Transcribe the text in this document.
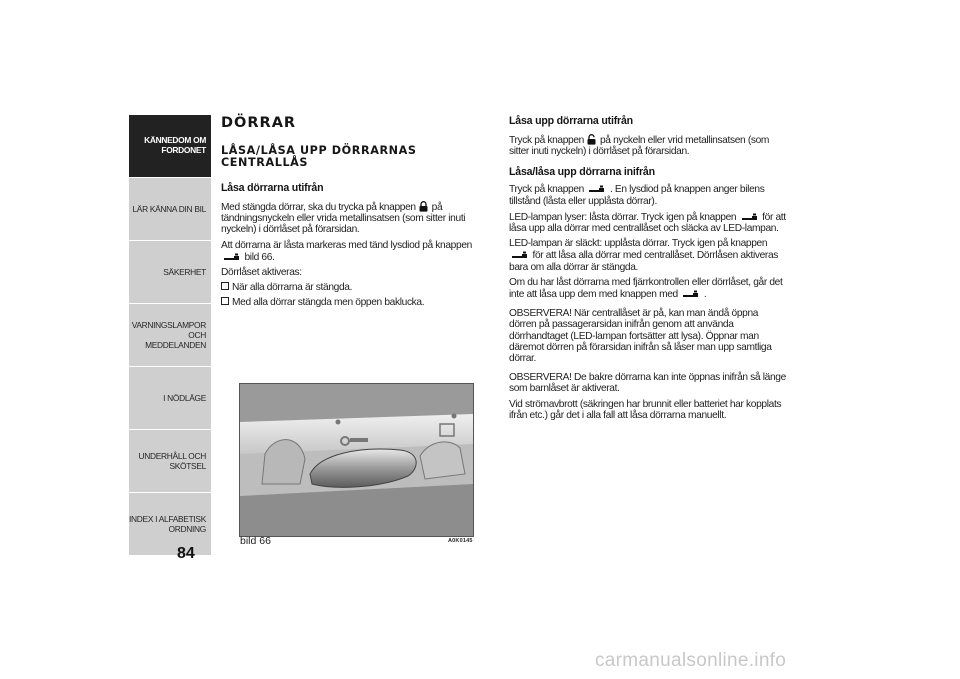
KÄNNEDOM OM
FORDONET
LÄR KÄNNA DIN BIL
SÄKERHET
VARNINGSLAMPOR
OCH MEDDELANDEN
I NÖDLÄGE
UNDERHÅLL OCH
SKÖTSEL
INDEX I ALFABETISK
ORDNING
84
DÖRRAR
LÅSA/LÅSA UPP DÖRRARNAS
CENTRALLÅS
Låsa dörrarna utifrån

Med stängda dörrar, ska du trycka på knappen på tändningsnyckeln eller vrida metallinsatsen (som sitter inuti nyckeln) i dörrlåset på förarsidan.

Att dörrarna är låsta markeras med tänd lysdiod på knappen  bild 66.

Dörrlåset aktiveras:

När alla dörrarna är stängda.
Med alla dörrar stängda men öppen baklucka.
bild 66	A0K0145
Låsa upp dörrarna utifrån

Tryck på knappen på nyckeln eller vrid metallinsatsen (som sitter inuti nyckeln) i dörrlåset på förarsidan.

Låsa/låsa upp dörrarna inifrån

Tryck på knappen	. En lysdiod på knappen anger bilens tillstånd (låsta eller upplåsta dörrar).

LED-lampan lyser: låsta dörrar. Tryck igen på knappen	för att låsa upp alla dörrar med centrallåset och släcka av LED-lampan.

LED-lampan är släckt: upplåsta dörrar. Tryck igen på knappen  för att låsa alla dörrar med centrallåset. Dörrlåsen aktiveras bara om alla dörrar är stängda.

Om du har låst dörrarna med fjärrkontrollen eller dörrlåset, går det inte att låsa upp dem med knappen med	.

OBSERVERA! När centrallåset är på, kan man ändå öppna dörren på passagerarsidan inifrån genom att använda dörrhandtaget (LED-lampan fortsätter att lysa). Öppnar man däremot dörren på förarsidan inifrån så låser man upp samtliga dörrar.

OBSERVERA! De bakre dörrarna kan inte öppnas inifrån så länge som barnlåset är aktiverat.

Vid strömavbrott (säkringen har brunnit eller batteriet har kopplats ifrån etc.) går det i alla fall att låsa dörrarna manuellt.

carmanualsonline.info
